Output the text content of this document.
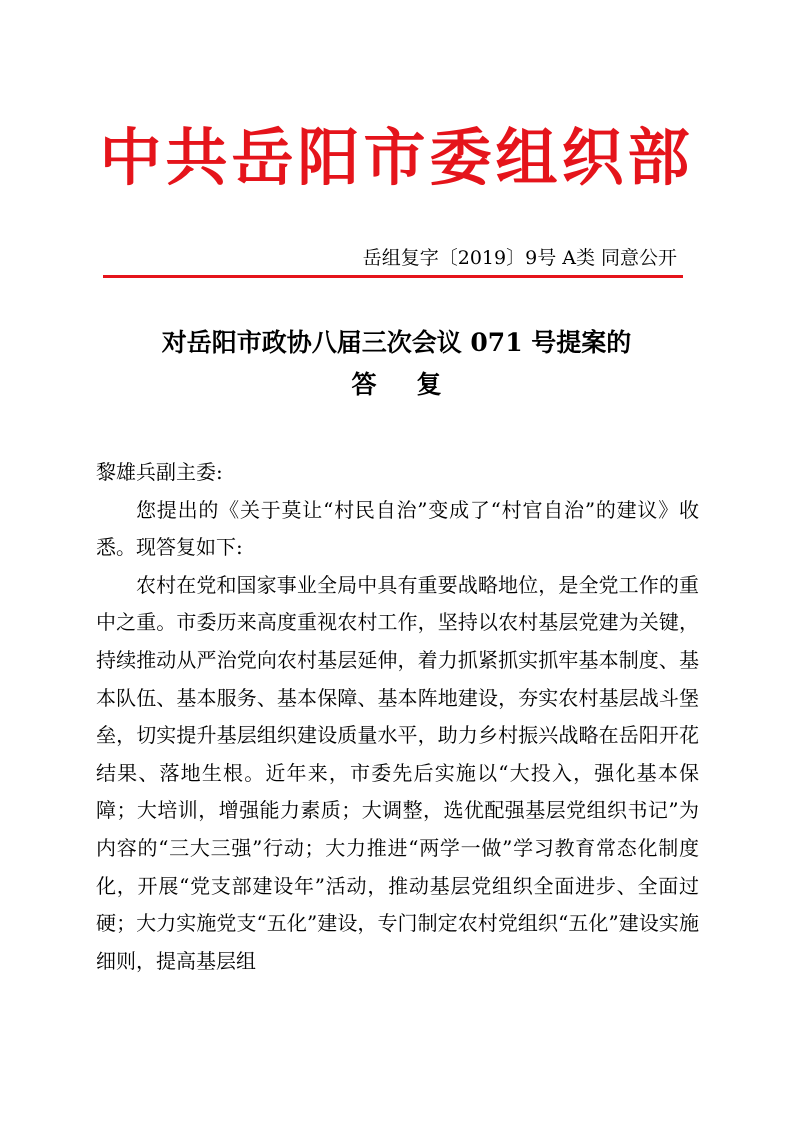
中共岳阳市委组织部
岳组复字〔2019〕9号 A类 同意公开
对岳阳市政协八届三次会议 071 号提案的
答复

黎雄兵副主委:

您提出的《关于莫让“村民自治”变成了“村官自治”的建议》收悉。现答复如下:

农村在党和国家事业全局中具有重要战略地位，是全党工作的重中之重。市委历来高度重视农村工作，坚持以农村基层党建为关键，持续推动从严治党向农村基层延伸，着力抓紧抓实抓牢基本制度、基本队伍、基本服务、基本保障、基本阵地建设，夯实农村基层战斗堡垒，切实提升基层组织建设质量水平，助力乡村振兴战略在岳阳开花结果、落地生根。近年来，市委先后实施以“大投入，强化基本保障；大培训，增强能力素质；大调整，选优配强基层党组织书记”为内容的“三大三强”行动；大力推进“两学一做”学习教育常态化制度化，开展“党支部建设年”活动，推动基层党组织全面进步、全面过硬；大力实施党支“五化”建设，专门制定农村党组织“五化”建设实施细则，提高基层组
